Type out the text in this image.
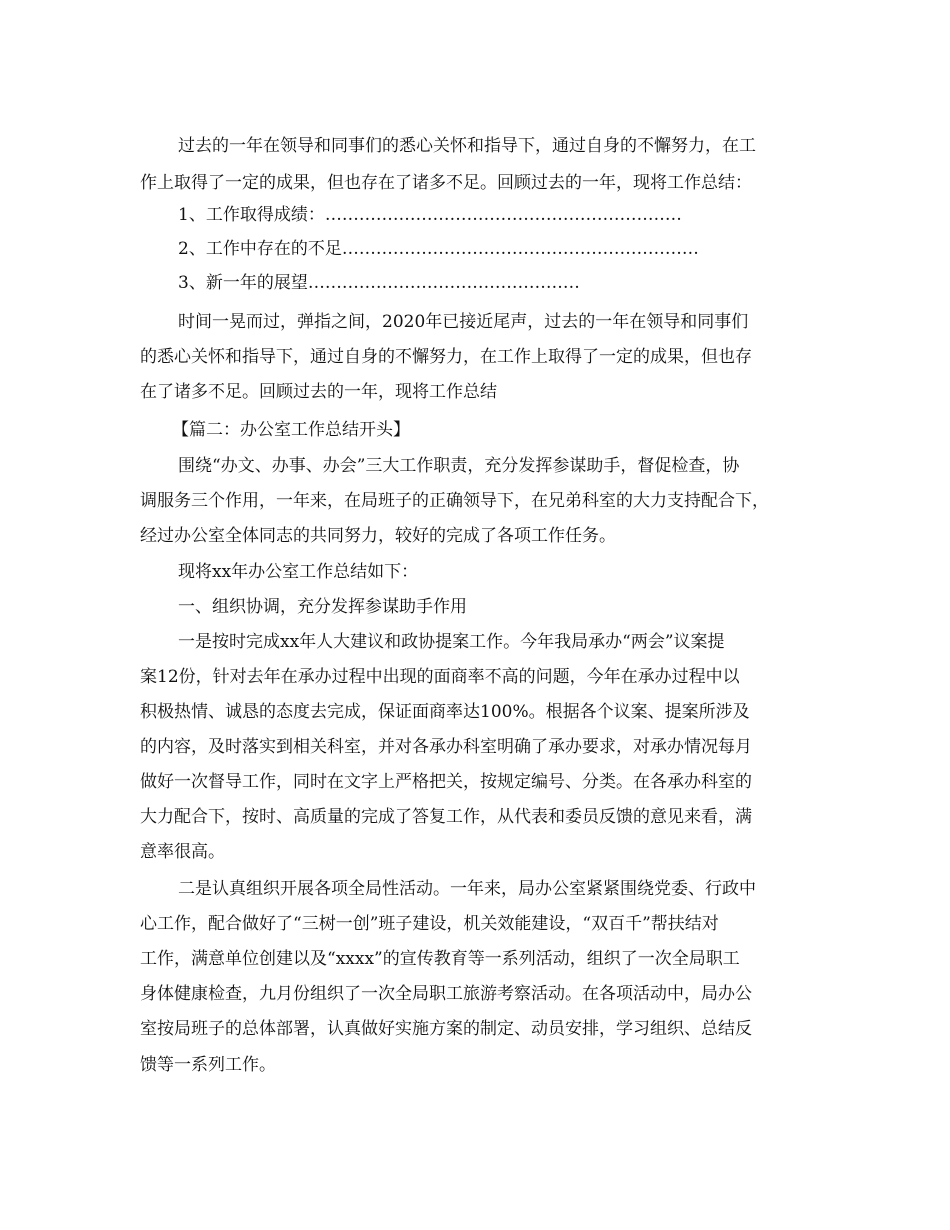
过去的一年在领导和同事们的悉心关怀和指导下，通过自身的不懈努力，在工
作上取得了一定的成果，但也存在了诸多不足。回顾过去的一年，现将工作总结：
1、工作取得成绩：………………………………………………………
2、工作中存在的不足………………………………………………………
3、新一年的展望…………………………………………
时间一晃而过，弹指之间，2020年已接近尾声，过去的一年在领导和同事们
的悉心关怀和指导下，通过自身的不懈努力，在工作上取得了一定的成果，但也存
在了诸多不足。回顾过去的一年，现将工作总结
【篇二：办公室工作总结开头】
围绕“办文、办事、办会”三大工作职责，充分发挥参谋助手，督促检查，协
调服务三个作用，一年来，在局班子的正确领导下，在兄弟科室的大力支持配合下，
经过办公室全体同志的共同努力，较好的完成了各项工作任务。
现将xx年办公室工作总结如下：
一、组织协调，充分发挥参谋助手作用
一是按时完成xx年人大建议和政协提案工作。今年我局承办“两会”议案提
案12份，针对去年在承办过程中出现的面商率不高的问题，今年在承办过程中以
积极热情、诚恳的态度去完成，保证面商率达100%。根据各个议案、提案所涉及
的内容，及时落实到相关科室，并对各承办科室明确了承办要求，对承办情况每月
做好一次督导工作，同时在文字上严格把关，按规定编号、分类。在各承办科室的
大力配合下，按时、高质量的完成了答复工作，从代表和委员反馈的意见来看，满
意率很高。
二是认真组织开展各项全局性活动。一年来，局办公室紧紧围绕党委、行政中
心工作，配合做好了“三树一创”班子建设，机关效能建设，“双百千”帮扶结对
工作，满意单位创建以及“xxxx”的宣传教育等一系列活动，组织了一次全局职工
身体健康检查，九月份组织了一次全局职工旅游考察活动。在各项活动中，局办公
室按局班子的总体部署，认真做好实施方案的制定、动员安排，学习组织、总结反
馈等一系列工作。
